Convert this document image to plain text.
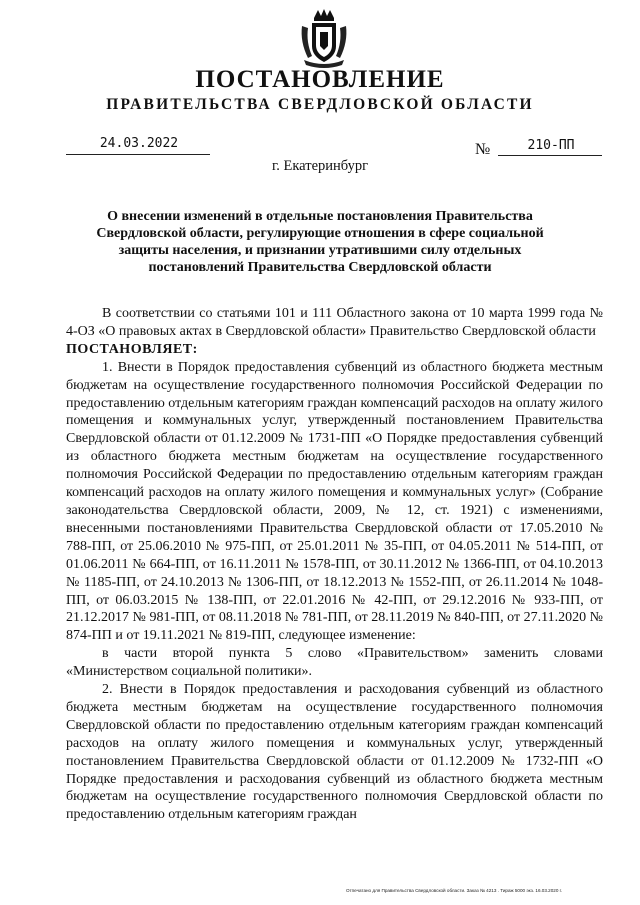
ПОСТАНОВЛЕНИЕ
ПРАВИТЕЛЬСТВА СВЕРДЛОВСКОЙ ОБЛАСТИ
24.03.2022	№	210-ПП
г. Екатеринбург
О внесении изменений в отдельные постановления Правительства Свердловской области, регулирующие отношения в сфере социальной защиты населения, и признании утратившими силу отдельных постановлений Правительства Свердловской области

В соответствии со статьями 101 и 111 Областного закона от 10 марта 1999 года № 4-ОЗ «О правовых актах в Свердловской области» Правительство Свердловской области

ПОСТАНОВЛЯЕТ:

1. Внести в Порядок предоставления субвенций из областного бюджета местным бюджетам на осуществление государственного полномочия Российской Федерации по предоставлению отдельным категориям граждан компенсаций расходов на оплату жилого помещения и коммунальных услуг, утвержденный постановлением Правительства Свердловской области от 01.12.2009 № 1731-ПП «О Порядке предоставления субвенций из областного бюджета местным бюджетам на осуществление государственного полномочия Российской Федерации по предоставлению отдельным категориям граждан компенсаций расходов на оплату жилого помещения и коммунальных услуг» (Собрание законодательства Свердловской области, 2009, № 12, ст. 1921) с изменениями, внесенными постановлениями Правительства Свердловской области от 17.05.2010 № 788-ПП, от 25.06.2010 № 975-ПП, от 25.01.2011 № 35-ПП, от 04.05.2011 № 514-ПП, от 01.06.2011 № 664-ПП, от 16.11.2011 № 1578-ПП, от 30.11.2012 № 1366-ПП, от 04.10.2013 № 1185-ПП, от 24.10.2013 № 1306-ПП, от 18.12.2013 № 1552-ПП, от 26.11.2014 № 1048-ПП, от 06.03.2015 № 138-ПП, от 22.01.2016 № 42-ПП, от 29.12.2016 № 933-ПП, от 21.12.2017 № 981-ПП, от 08.11.2018 № 781-ПП, от 28.11.2019 № 840-ПП, от 27.11.2020 № 874-ПП и от 19.11.2021 № 819-ПП, следующее изменение:

в части второй пункта 5 слово «Правительством» заменить словами «Министерством социальной политики».

2. Внести в Порядок предоставления и расходования субвенций из областного бюджета местным бюджетам на осуществление государственного полномочия Свердловской области по предоставлению отдельным категориям граждан компенсаций расходов на оплату жилого помещения и коммунальных услуг, утвержденный постановлением Правительства Свердловской области от 01.12.2009 № 1732-ПП «О Порядке предоставления и расходования субвенций из областного бюджета местным бюджетам на осуществление государственного полномочия Свердловской области по предоставлению отдельным категориям граждан

Отпечатано для Правительства Свердловской области. Заказ № 4213 . Тираж 5000 экз. 16.03.2020 г.
